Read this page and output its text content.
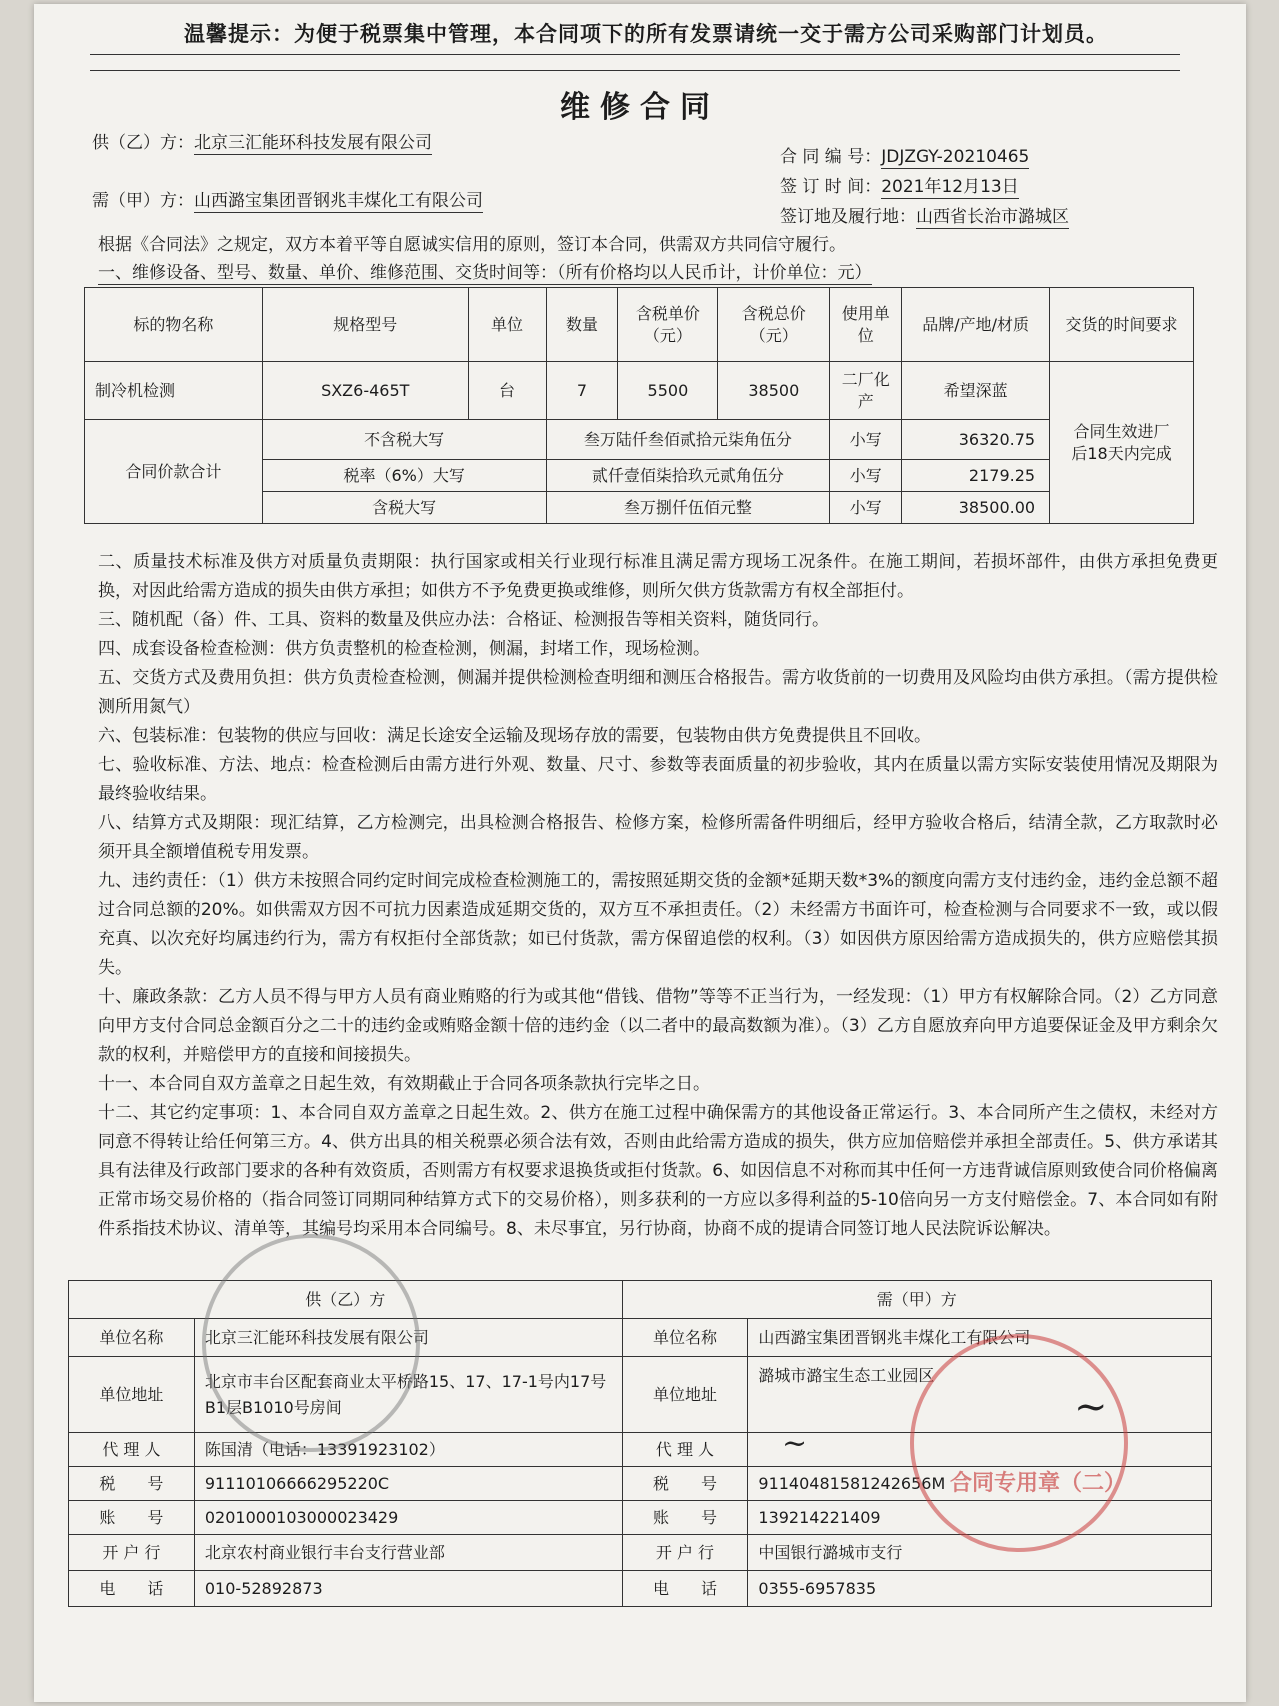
温馨提示：为便于税票集中管理，本合同项下的所有发票请统一交于需方公司采购部门计划员。
维修合同
供（乙）方：北京三汇能环科技发展有限公司
需（甲）方：山西潞宝集团晋钢兆丰煤化工有限公司
合 同 编 号：JDJZGY-20210465
签 订 时 间：2021年12月13日
签订地及履行地：山西省长治市潞城区
根据《合同法》之规定，双方本着平等自愿诚实信用的原则，签订本合同，供需双方共同信守履行。
一、维修设备、型号、数量、单价、维修范围、交货时间等：（所有价格均以人民币计，计价单位：元）
标的物名称	规格型号	单位	数量	含税单价（元）	含税总价（元）	使用单位	品牌/产地/材质	交货的时间要求
制冷机检测	SXZ6-465T	台	7	5500	38500	二厂化产	希望深蓝	合同生效进厂后18天内完成
合同价款合计	不含税大写		叁万陆仟叁佰贰拾元柒角伍分			小写	36320.75	
	税率（6%）大写		贰仟壹佰柒拾玖元贰角伍分			小写	2179.25	
	含税大写		叁万捌仟伍佰元整			小写	38500.00	
二、质量技术标准及供方对质量负责期限：执行国家或相关行业现行标准且满足需方现场工况条件。在施工期间，若损坏部件，由供方承担免费更换，对因此给需方造成的损失由供方承担；如供方不予免费更换或维修，则所欠供方货款需方有权全部拒付。
三、随机配（备）件、工具、资料的数量及供应办法：合格证、检测报告等相关资料，随货同行。
四、成套设备检查检测：供方负责整机的检查检测，侧漏，封堵工作，现场检测。
五、交货方式及费用负担：供方负责检查检测，侧漏并提供检测检查明细和测压合格报告。需方收货前的一切费用及风险均由供方承担。（需方提供检测所用氮气）
六、包装标准：包装物的供应与回收：满足长途安全运输及现场存放的需要，包装物由供方免费提供且不回收。
七、验收标准、方法、地点：检查检测后由需方进行外观、数量、尺寸、参数等表面质量的初步验收，其内在质量以需方实际安装使用情况及期限为最终验收结果。
八、结算方式及期限：现汇结算，乙方检测完，出具检测合格报告、检修方案，检修所需备件明细后，经甲方验收合格后，结清全款，乙方取款时必须开具全额增值税专用发票。
九、违约责任：（1）供方未按照合同约定时间完成检查检测施工的，需按照延期交货的金额*延期天数*3%的额度向需方支付违约金，违约金总额不超过合同总额的20%。如供需双方因不可抗力因素造成延期交货的，双方互不承担责任。（2）未经需方书面许可，检查检测与合同要求不一致，或以假充真、以次充好均属违约行为，需方有权拒付全部货款；如已付货款，需方保留追偿的权利。（3）如因供方原因给需方造成损失的，供方应赔偿其损失。
十、廉政条款：乙方人员不得与甲方人员有商业贿赂的行为或其他“借钱、借物”等等不正当行为，一经发现：（1）甲方有权解除合同。（2）乙方同意向甲方支付合同总金额百分之二十的违约金或贿赂金额十倍的违约金（以二者中的最高数额为准）。（3）乙方自愿放弃向甲方追要保证金及甲方剩余欠款的权利，并赔偿甲方的直接和间接损失。
十一、本合同自双方盖章之日起生效，有效期截止于合同各项条款执行完毕之日。
十二、其它约定事项：1、本合同自双方盖章之日起生效。2、供方在施工过程中确保需方的其他设备正常运行。3、本合同所产生之债权，未经对方同意不得转让给任何第三方。4、供方出具的相关税票必须合法有效，否则由此给需方造成的损失，供方应加倍赔偿并承担全部责任。5、供方承诺其具有法律及行政部门要求的各种有效资质，否则需方有权要求退换货或拒付货款。6、如因信息不对称而其中任何一方违背诚信原则致使合同价格偏离正常市场交易价格的（指合同签订同期同种结算方式下的交易价格），则多获利的一方应以多得利益的5-10倍向另一方支付赔偿金。7、本合同如有附件系指技术协议、清单等，其编号均采用本合同编号。8、未尽事宜，另行协商，协商不成的提请合同签订地人民法院诉讼解决。
供（乙）方		需（甲）方	
单位名称	北京三汇能环科技发展有限公司	单位名称	山西潞宝集团晋钢兆丰煤化工有限公司
单位地址	北京市丰台区配套商业太平桥路15、17、17-1号内17号B1层B1010号房间	单位地址	潞城市潞宝生态工业园区
代 理 人	陈国清（电话：13391923102）	代 理 人	
税　　号	91110106666295220C	税　　号	91140481581242656M
账　　号	0201000103000023429	账　　号	139214221409
开 户 行	北京农村商业银行丰台支行营业部	开 户 行	中国银行潞城市支行
电　　话	010-52892873	电　　话	0355-6957835
合同专用章（二）
~
~
